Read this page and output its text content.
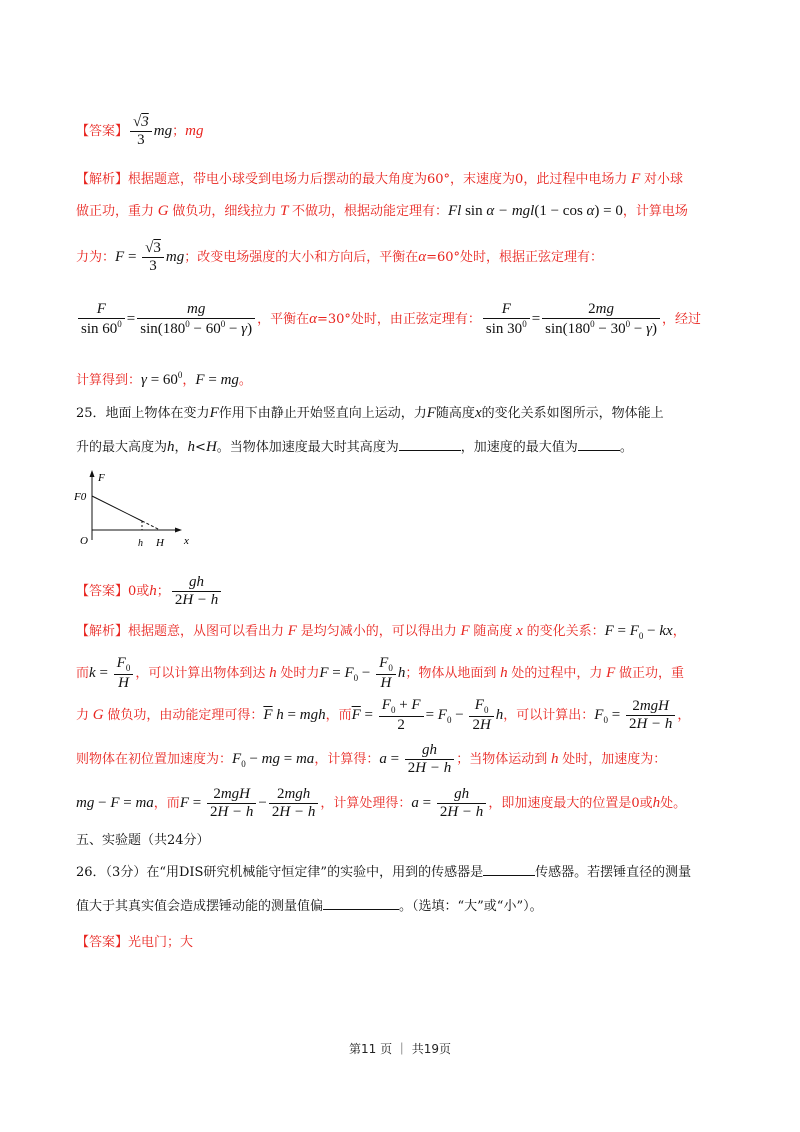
【答案】 $\frac{√3}{3}$ mg；mg
【解析】根据题意，带电小球受到电场力后摆动的最大角度为60°，末速度为0，此过程中电场力 F 对小球
做正功，重力 G 做负功，细线拉力 T 不做功，根据动能定理有：Fl sin α − mgl(1 − cos α) = 0，计算电场
力为：$F = \frac{√3}{3}$ mg；改变电场强度的大小和方向后，平衡在α=60°处时，根据正弦定理有：
$\frac{F}{\sin 60^0} = \frac{mg}{\sin(180^0 - 60^0 - \gamma)}$ ，平衡在α=30°处时，由正弦定理有： $\frac{F}{\sin 30^0} = \frac{2mg}{\sin(180^0 - 30^0 - \gamma)}$ ，经过
计算得到：$\gamma = 60^0$，F = mg。
25．地面上物体在变力F作用下由静止开始竖直向上运动，力F随高度x的变化关系如图所示，物体能上
升的最大高度为h，h<H。当物体加速度最大时其高度为	，加速度的最大值为	。
F
x
O
F0
h H
【答案】0或h； $\frac{gh}{2H - h}$
【解析】根据题意，从图可以看出力 F 是均匀减小的，可以得出力 F 随高度 x 的变化关系：$F = F_0$ − kx，
而$k = \frac{F_0}{H}$ ，可以计算出物体到达 h 处时力$F = F_0 - \frac{F_0}{H}$ h；物体从地面到 h 处的过程中，力 F 做正功，重
力 G 做负功，由动能定理可得：$\overline{F}$ h = mgh，而$\overline{F} = \frac{F_0 + F}{2} = F_0 - \frac{F_0}{2H}$ h，可以计算出：$F_0 = \frac{\text{2mgH}}{2H - h}$ ，
则物体在初位置加速度为：$F_0$ − mg = ma，计算得：$a = \frac{gh}{2H - h}$ ；当物体运动到 h 处时，加速度为：
mg − F = ma，而$F = \frac{\text{2mgH}}{2H - h} - \frac{\text{2mgh}}{2H - h}$ ，计算处理得：$a = \frac{gh}{2H - h}$ ，即加速度最大的位置是0或h处。
五、实验题（共24分）
26．（3分）在“用DIS研究机械能守恒定律”的实验中，用到的传感器是	传感器。若摆锤直径的测量
值大于其真实值会造成摆锤动能的测量值偏	。（选填：“大”或“小”）。
【答案】光电门；大
第11 页 ｜ 共19页
